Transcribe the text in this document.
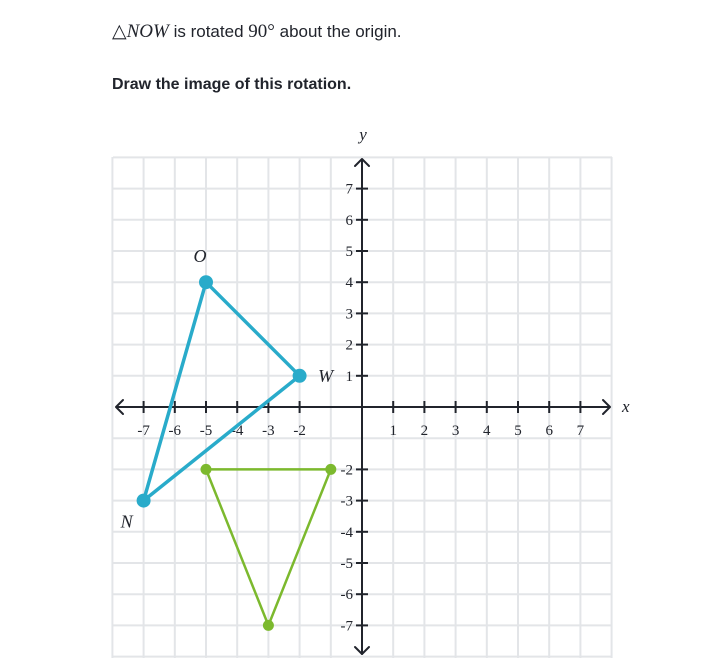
△NOW is rotated 90° about the origin.
Draw the image of this rotation.
-7 -6 -5 -4 -3 -2	1 2 3 4 5 6 7
7
6
5
4
3
2
1
-2
-3
-4
-5
-6
-7
x
y
N
O
W
